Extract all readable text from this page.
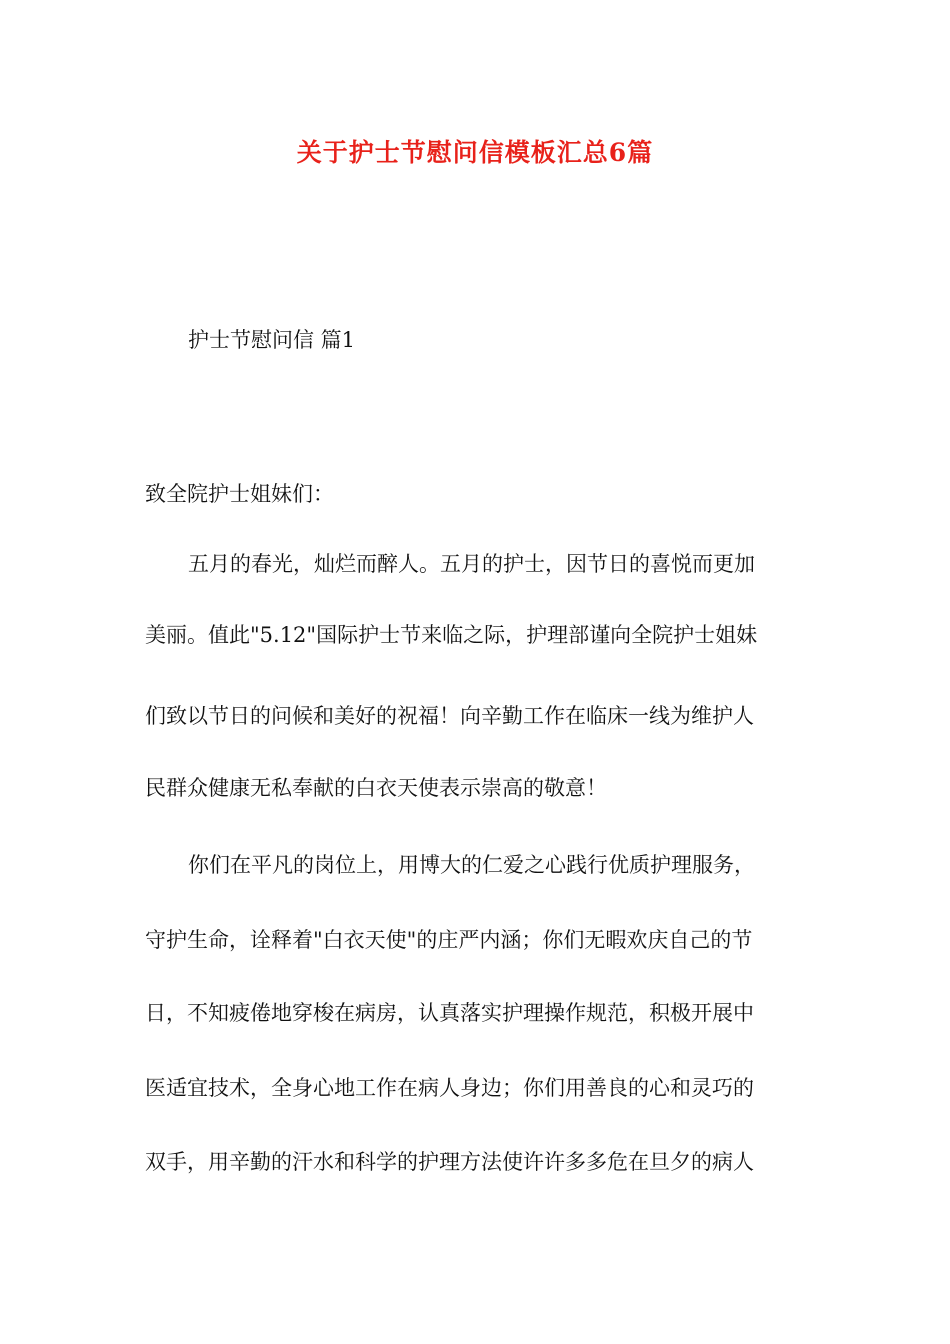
关于护士节慰问信模板汇总6篇
护士节慰问信 篇1
致全院护士姐妹们：
五月的春光，灿烂而醉人。五月的护士，因节日的喜悦而更加
美丽。值此"5.12"国际护士节来临之际，护理部谨向全院护士姐妹
们致以节日的问候和美好的祝福！向辛勤工作在临床一线为维护人
民群众健康无私奉献的白衣天使表示崇高的敬意！
你们在平凡的岗位上，用博大的仁爱之心践行优质护理服务，
守护生命，诠释着"白衣天使"的庄严内涵；你们无暇欢庆自己的节
日，不知疲倦地穿梭在病房，认真落实护理操作规范，积极开展中
医适宜技术，全身心地工作在病人身边；你们用善良的心和灵巧的
双手，用辛勤的汗水和科学的护理方法使许许多多危在旦夕的病人
